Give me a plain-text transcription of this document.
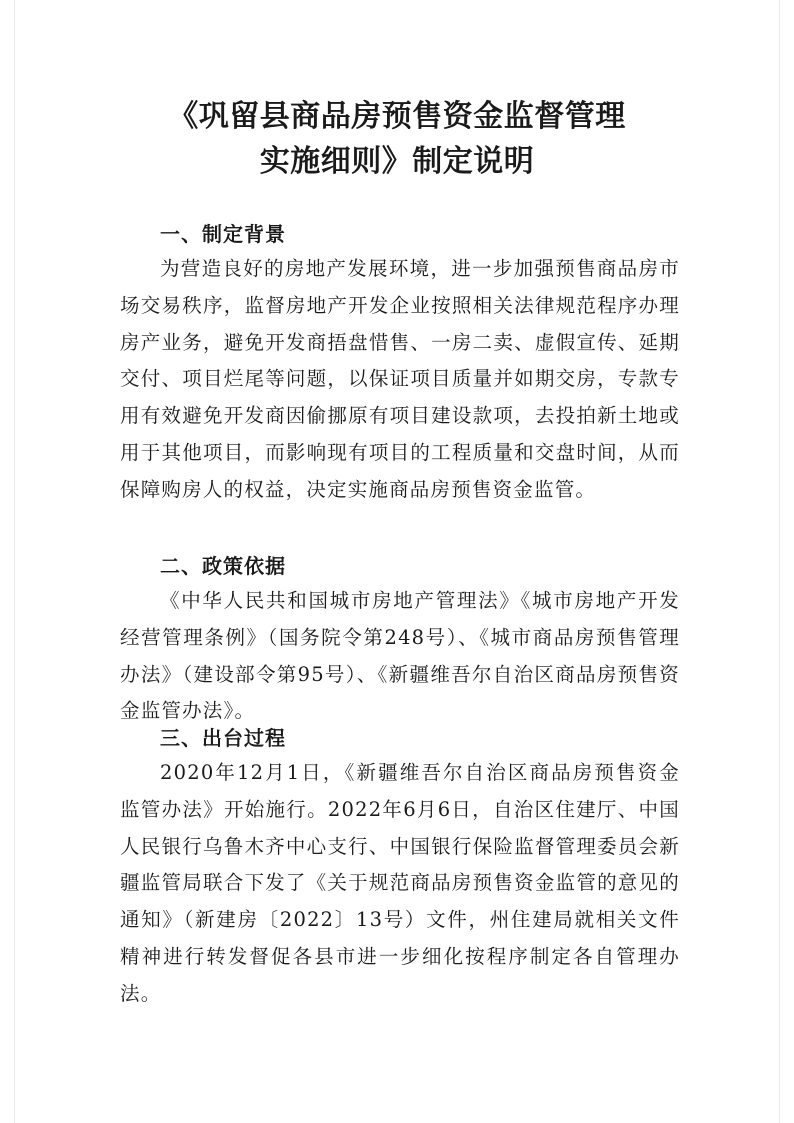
《巩留县商品房预售资金监督管理
实施细则》制定说明
一、制定背景

为营造良好的房地产发展环境，进一步加强预售商品房市场交易秩序，监督房地产开发企业按照相关法律规范程序办理房产业务，避免开发商捂盘惜售、一房二卖、虚假宣传、延期交付、项目烂尾等问题，以保证项目质量并如期交房，专款专用有效避免开发商因偷挪原有项目建设款项，去投拍新土地或用于其他项目，而影响现有项目的工程质量和交盘时间，从而保障购房人的权益，决定实施商品房预售资金监管。

二、政策依据

《中华人民共和国城市房地产管理法》《城市房地产开发经营管理条例》（国务院令第248号）、《城市商品房预售管理办法》（建设部令第95号）、《新疆维吾尔自治区商品房预售资金监管办法》。

三、出台过程

2020年12月1日，《新疆维吾尔自治区商品房预售资金监管办法》开始施行。2022年6月6日，自治区住建厅、中国人民银行乌鲁木齐中心支行、中国银行保险监督管理委员会新疆监管局联合下发了《关于规范商品房预售资金监管的意见的通知》（新建房〔2022〕13号）文件，州住建局就相关文件精神进行转发督促各县市进一步细化按程序制定各自管理办法。
